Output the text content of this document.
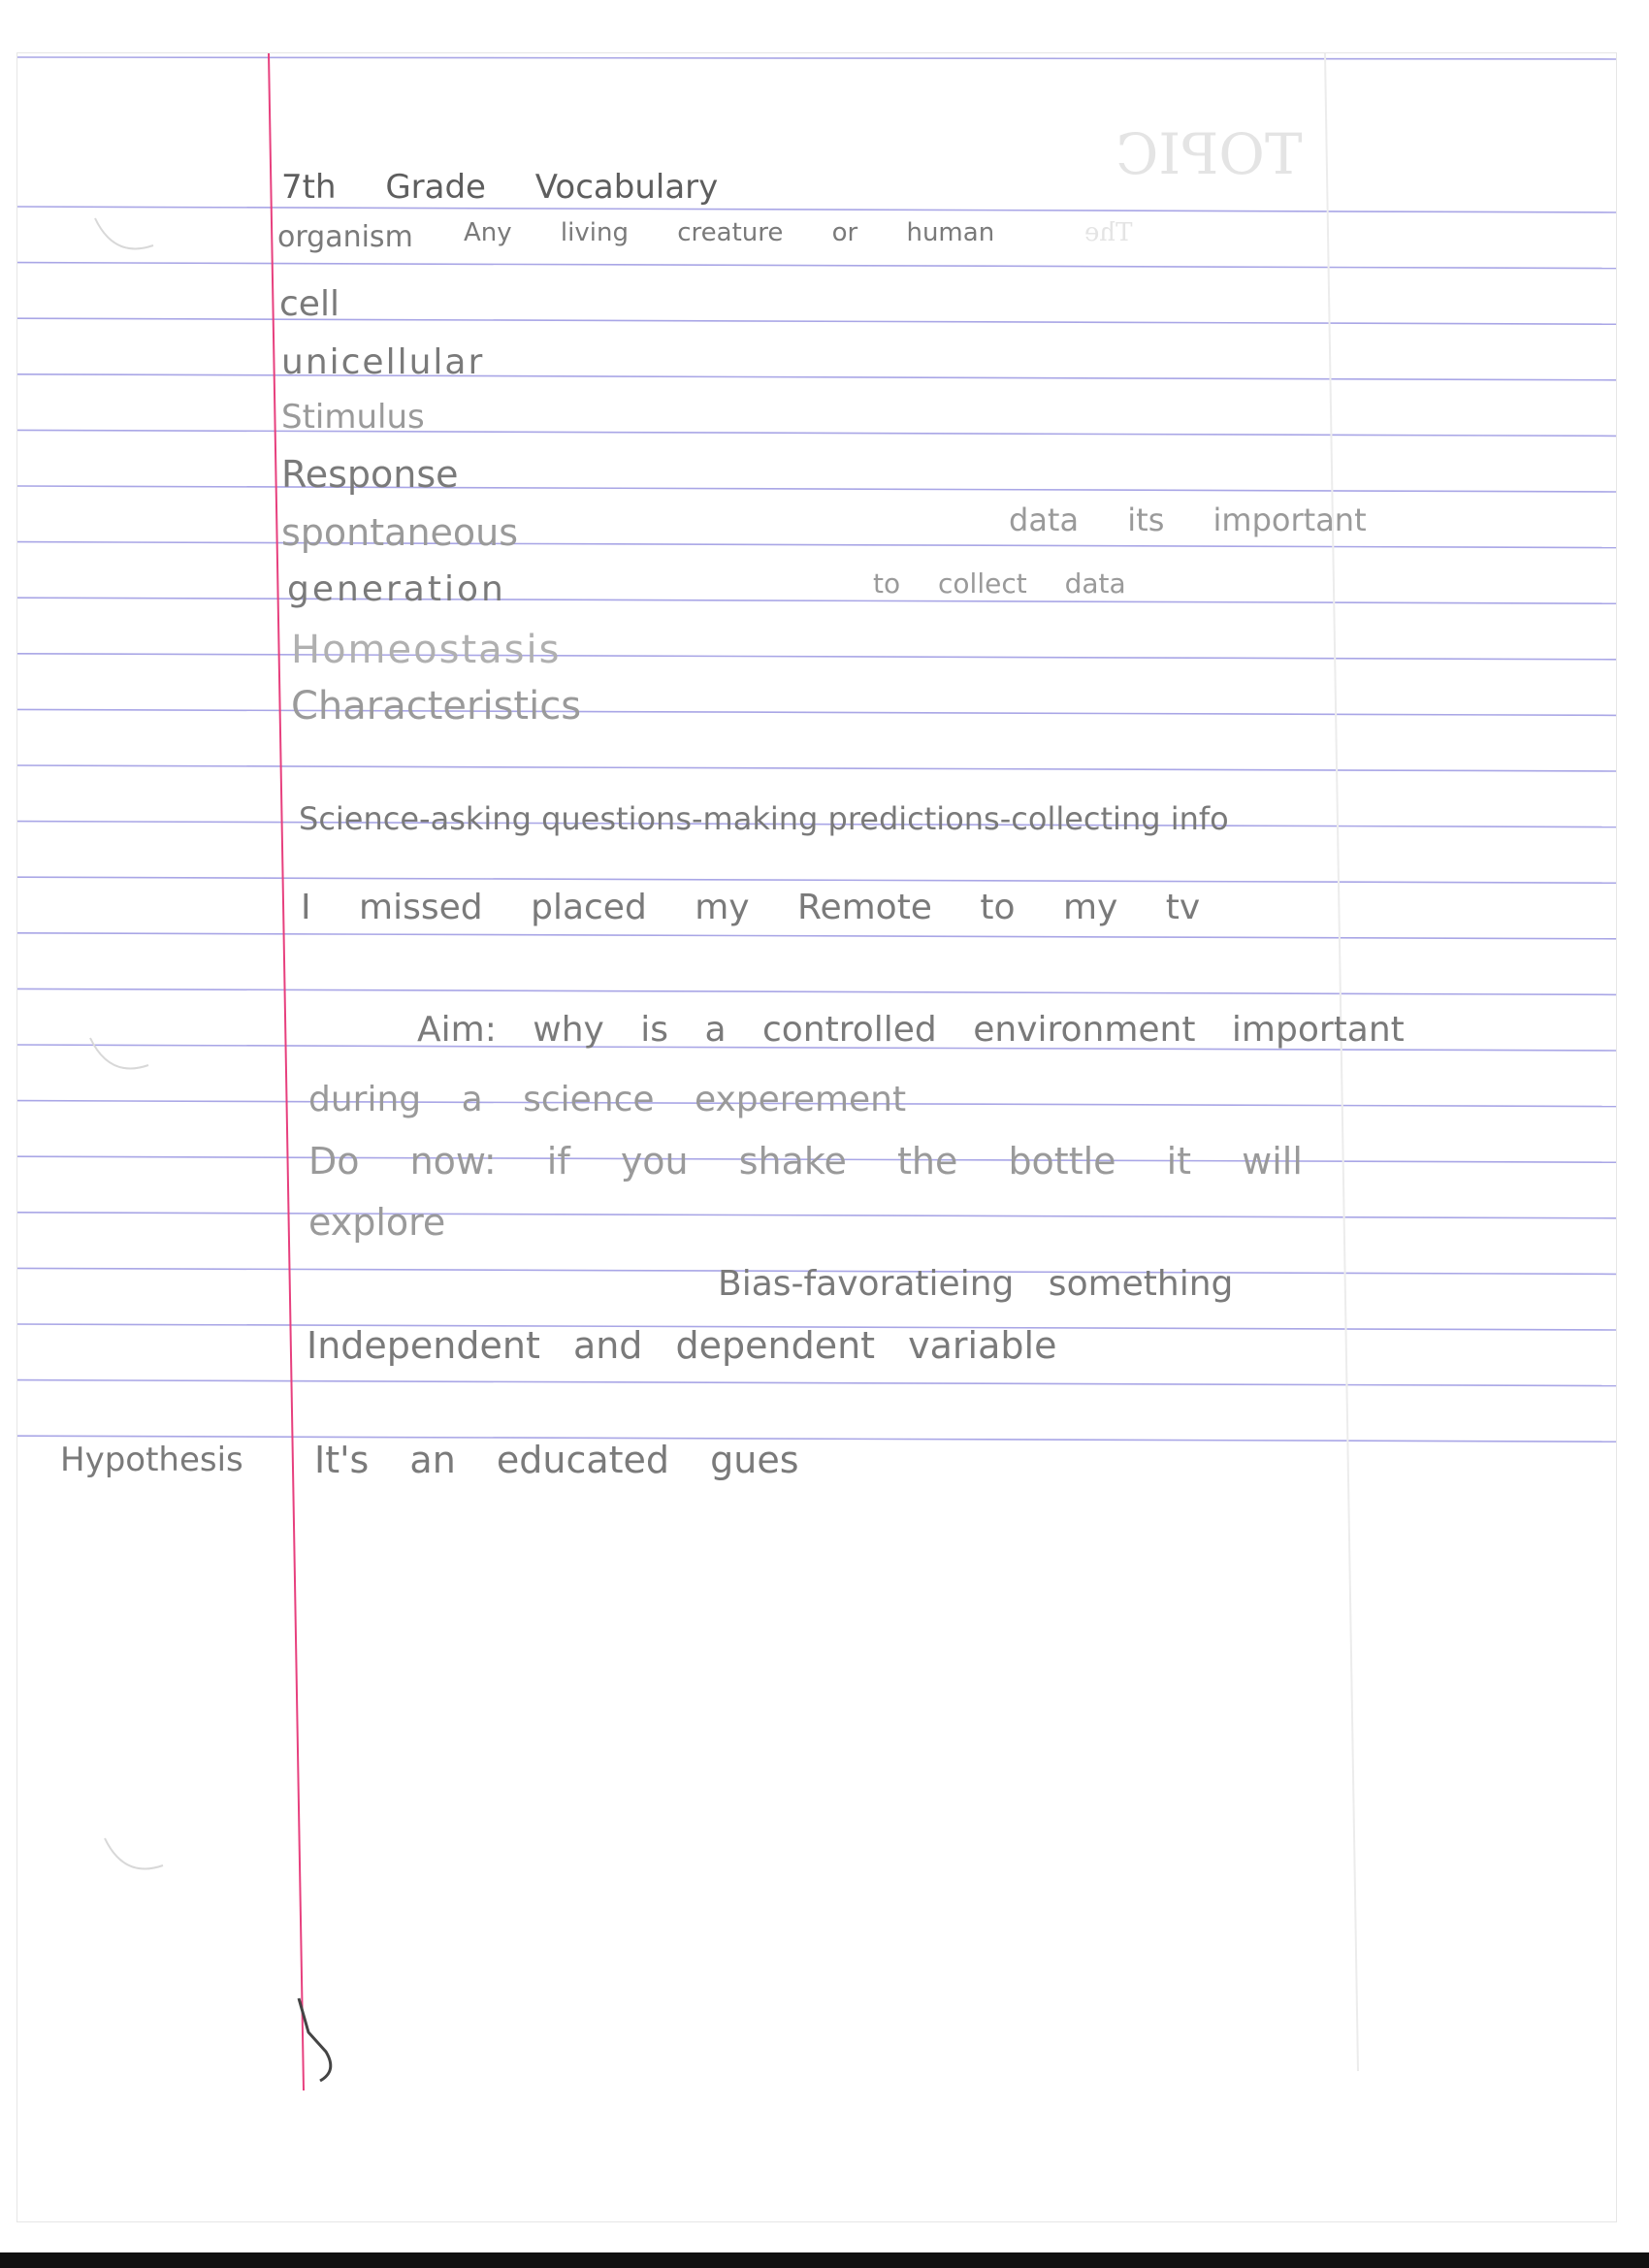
TOPIC
The
7th Grade Vocabulary
organism Any living creature or human
cell
unicellular
Stimulus
Response
spontaneous
generation
data its important
to collect data
Homeostasis
Characteristics
Science-asking questions-making predictions-collecting info
I missed placed my Remote to my tv
Aim: why is a controlled environment important
during a science experement
Do now: if you shake the bottle it will
explore
Bias-favoratieing something
Independent and dependent variable
Hypothesis It's an educated gues
